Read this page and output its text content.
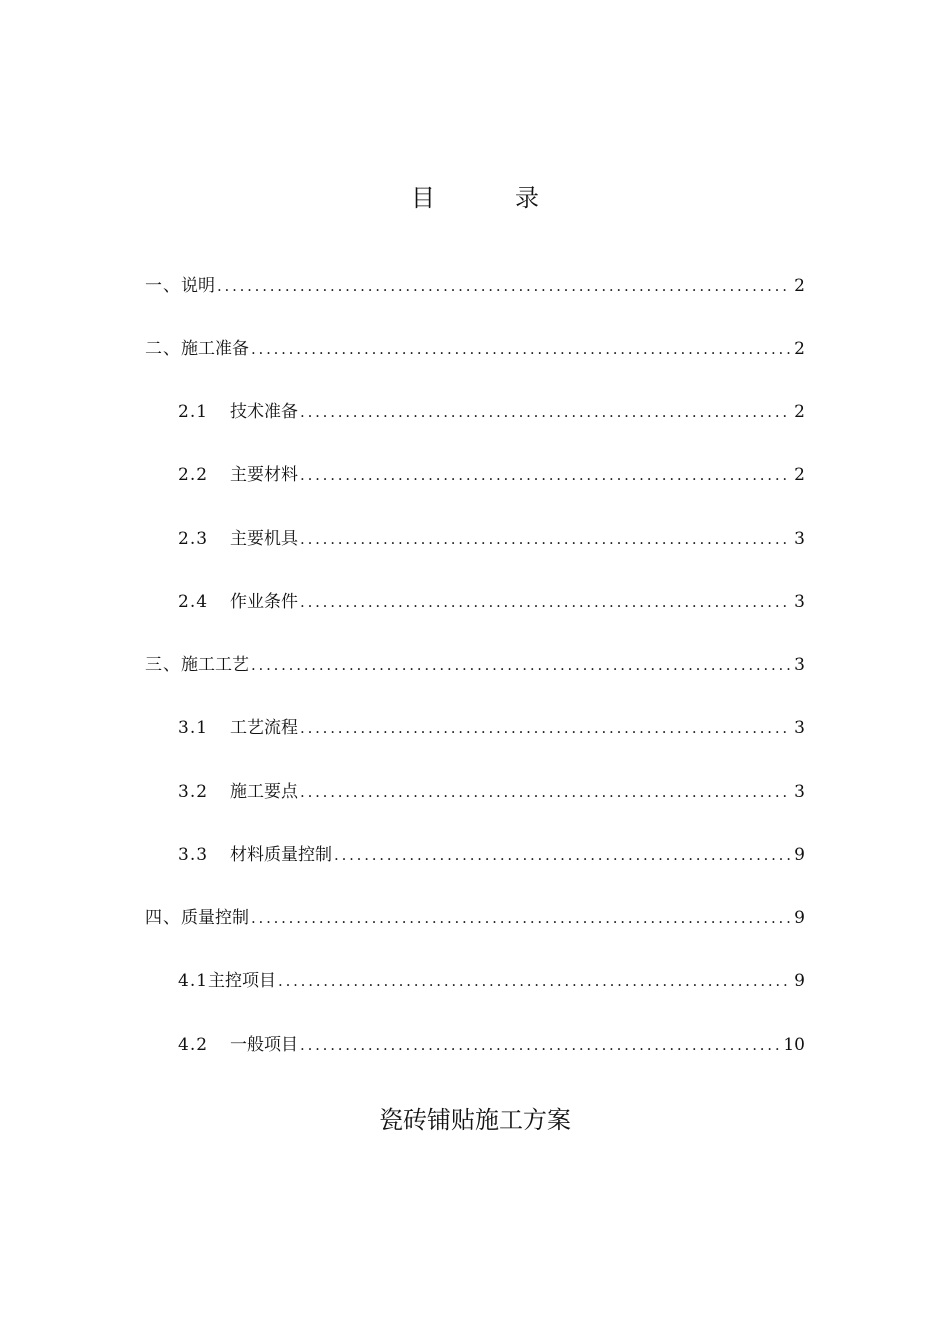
目	录
一、 说明 . . .	2
二、 施工准备 . . .	2
2.1 技术准备 . . .	2
2.2 主要材料 . . .	2
2.3 主要机具 . . .	3
2.4 作业条件 . . .	3
三、 施工工艺 . . .	3
3.1 工艺流程 . . .	3
3.2 施工要点 . . .	3
3.3 材料质量控制 . . .	9
四、 质量控制 . . .	9
4.1 主控项目 . . .	9
4.2 一般项目 . . .	10
瓷砖铺贴施工方案
